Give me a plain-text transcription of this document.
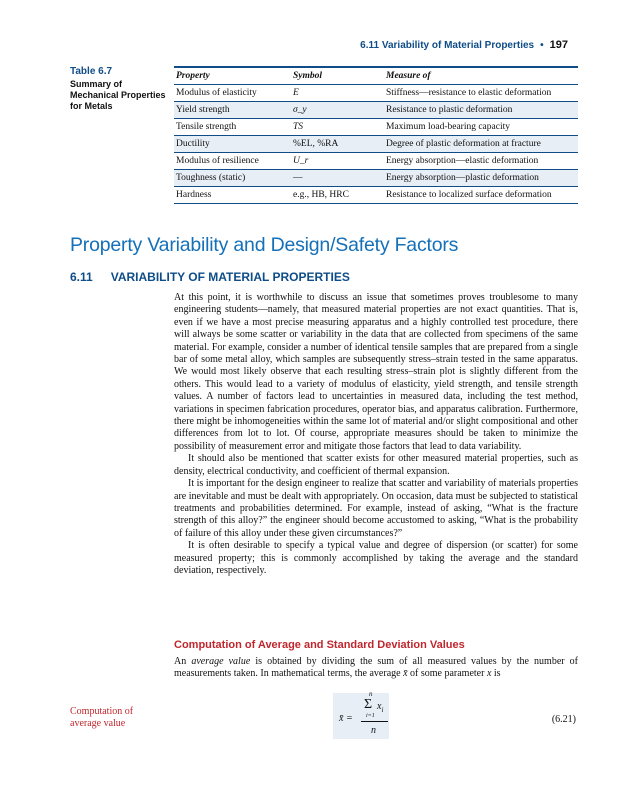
6.11 Variability of Material Properties • 197
Table 6.7
Summary of Mechanical Properties for Metals
Property	Symbol	Measure of
Modulus of elasticity	E	Stiffness—resistance to elastic deformation
Yield strength	σ_y	Resistance to plastic deformation
Tensile strength	TS	Maximum load-bearing capacity
Ductility	%EL, %RA	Degree of plastic deformation at fracture
Modulus of resilience	U_r	Energy absorption—elastic deformation
Toughness (static)	—	Energy absorption—plastic deformation
Hardness	e.g., HB, HRC	Resistance to localized surface deformation
Property Variability and Design/Safety Factors
6.11 VARIABILITY OF MATERIAL PROPERTIES

At this point, it is worthwhile to discuss an issue that sometimes proves troublesome to many engineering students—namely, that measured material properties are not exact quantities. That is, even if we have a most precise measuring apparatus and a highly controlled test procedure, there will always be some scatter or variability in the data that are collected from specimens of the same material. For example, consider a number of identical tensile samples that are prepared from a single bar of some metal alloy, which samples are subsequently stress–strain tested in the same apparatus. We would most likely observe that each resulting stress–strain plot is slightly different from the others. This would lead to a variety of modulus of elasticity, yield strength, and tensile strength values. A number of factors lead to uncertainties in measured data, including the test method, variations in specimen fabrication procedures, operator bias, and apparatus calibration. Furthermore, there might be inhomogeneities within the same lot of material and/or slight compositional and other differences from lot to lot. Of course, appropriate measures should be taken to minimize the possibility of measurement error and mitigate those factors that lead to data variability.

It should also be mentioned that scatter exists for other measured material properties, such as density, electrical conductivity, and coefficient of thermal expansion.

It is important for the design engineer to realize that scatter and variability of materials properties are inevitable and must be dealt with appropriately. On occasion, data must be subjected to statistical treatments and probabilities determined. For example, instead of asking, “What is the fracture strength of this alloy?” the engineer should become accustomed to asking, “What is the probability of failure of this alloy under these given circumstances?”

It is often desirable to specify a typical value and degree of dispersion (or scatter) for some measured property; this is commonly accomplished by taking the average and the standard deviation, respectively.

Computation of Average and Standard Deviation Values

An average value is obtained by dividing the sum of all measured values by the number of measurements taken. In mathematical terms, the average x̄ of some parameter x is

Computation of average value	x̄ =
n
Σ $x_i$
i=1
n
(6.21)
